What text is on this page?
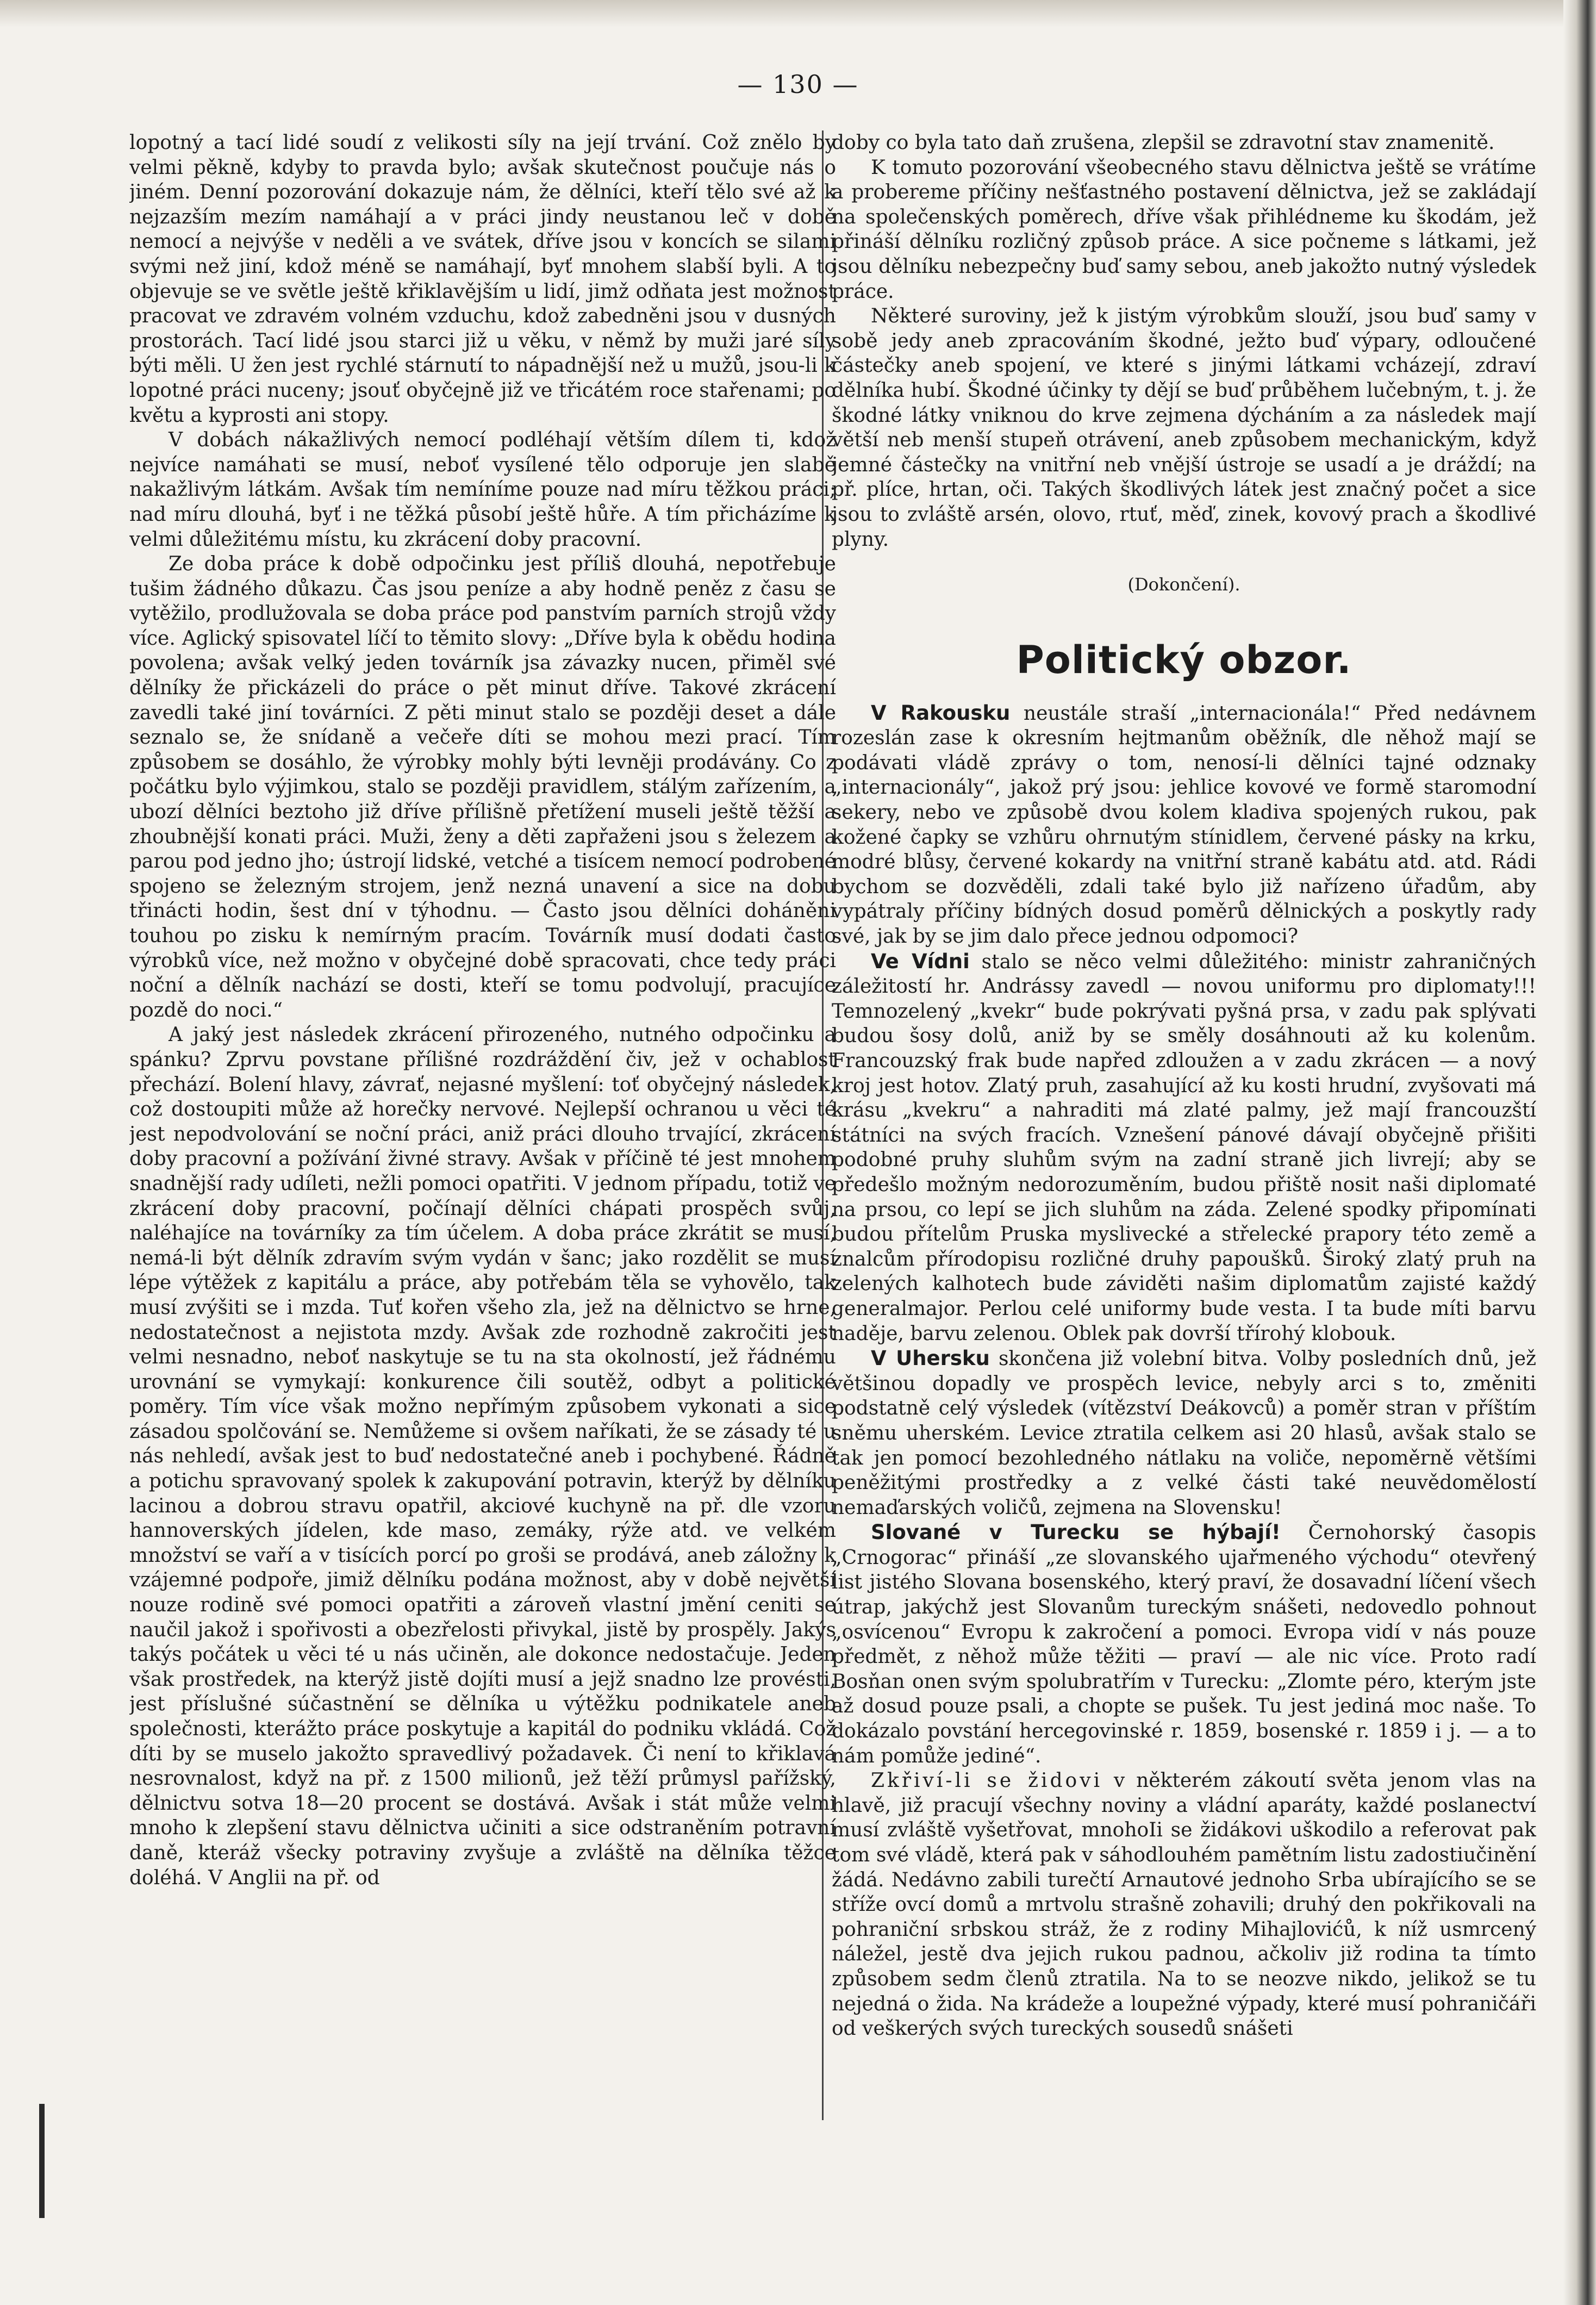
— 130 —

lopotný a tací lidé soudí z velikosti síly na její trvání. Což znělo by velmi pěkně, kdyby to pravda bylo; avšak skutečnost poučuje nás o jiném. Denní pozorování dokazuje nám, že dělníci, kteří tělo své až k nejzazším mezím namáhají a v práci jindy neustanou leč v době nemocí a nejvýše v neděli a ve svátek, dříve jsou v koncích se silami svými než jiní, kdož méně se namáhají, byť mnohem slabší byli. A to objevuje se ve světle ještě křiklavějším u lidí, jimž odňata jest možnost pracovat ve zdravém volném vzduchu, kdož zabedněni jsou v dusných prostorách. Tací lidé jsou starci již u věku, v němž by muži jaré síly býti měli. U žen jest rychlé stárnutí to nápadnější než u mužů, jsou-li k lopotné práci nuceny; jsouť obyčejně již ve třicátém roce stařenami; po květu a kyprosti ani stopy.

V dobách nákažlivých nemocí podléhají větším dílem ti, kdož nejvíce namáhati se musí, neboť vysílené tělo odporuje jen slabě nakažlivým látkám. Avšak tím nemíníme pouze nad míru těžkou práci; nad míru dlouhá, byť i ne těžká působí ještě hůře. A tím přicházíme k velmi důležitému místu, ku zkrácení doby pracovní.

Ze doba práce k době odpočinku jest příliš dlouhá, nepotřebuje tušim žádného důkazu. Čas jsou peníze a aby hodně peněz z času se vytěžilo, prodlužovala se doba práce pod panstvím parních strojů vždy více. Aglický spisovatel líčí to těmito slovy: „Dříve byla k obědu hodina povolena; avšak velký jeden továrník jsa závazky nucen, přiměl své dělníky že přickázeli do práce o pět minut dříve. Takové zkrácení zavedli také jiní továrníci. Z pěti minut stalo se později deset a dále seznalo se, že snídaně a večeře díti se mohou mezi prací. Tím způsobem se dosáhlo, že výrobky mohly býti levněji prodávány. Co z počátku bylo výjimkou, stalo se později pravidlem, stálým zařízením, a ubozí dělníci beztoho již dříve přílišně přetížení museli ještě těžší a zhoubnější konati práci. Muži, ženy a děti zapřaženi jsou s železem a parou pod jedno jho; ústrojí lidské, vetché a tisícem nemocí podrobené spojeno se železným strojem, jenž nezná unavení a sice na dobu třinácti hodin, šest dní v týhodnu. — Často jsou dělníci doháněni touhou po zisku k nemírným pracím. Továrník musí dodati často výrobků více, než možno v obyčejné době spracovati, chce tedy práci noční a dělník nachází se dosti, kteří se tomu podvolují, pracujíce pozdě do noci.“

A jaký jest následek zkrácení přirozeného, nutného odpočinku a spánku? Zprvu povstane přílišné rozdráždění čiv, jež v ochablost přechází. Bolení hlavy, závrať, nejasné myšlení: toť obyčejný následek, což dostoupiti může až horečky nervové. Nejlepší ochranou u věci té jest nepodvolování se noční práci, aniž práci dlouho trvající, zkrácení doby pracovní a požívání živné stravy. Avšak v příčině té jest mnohem snadnější rady udíleti, nežli pomoci opatřiti. V jednom případu, totiž ve zkrácení doby pracovní, počínají dělníci chápati prospěch svůj, naléhajíce na továrníky za tím účelem. A doba práce zkrátit se musí, nemá-li být dělník zdravím svým vydán v šanc; jako rozdělit se musí lépe výtěžek z kapitálu a práce, aby potřebám těla se vyhovělo, tak musí zvýšiti se i mzda. Tuť kořen všeho zla, jež na dělnictvo se hrne, nedostatečnost a nejistota mzdy. Avšak zde rozhodně zakročiti jest velmi nesnadno, neboť naskytuje se tu na sta okolností, jež řádnému urovnání se vymykají: konkurence čili soutěž, odbyt a politické poměry. Tím více však možno nepřímým způsobem vykonati a sice zásadou spolčování se. Nemůžeme si ovšem naříkati, že se zásady té u nás nehledí, avšak jest to buď nedostatečné aneb i pochybené. Řádně a potichu spravovaný spolek k zakupování potravin, kterýž by dělníku lacinou a dobrou stravu opatřil, akciové kuchyně na př. dle vzoru hannoverských jídelen, kde maso, zemáky, rýže atd. ve velkém množství se vaří a v tisících porcí po groši se prodává, aneb záložny k vzájemné podpoře, jimiž dělníku podána možnost, aby v době největší nouze rodině své pomoci opatřiti a zároveň vlastní jmění ceniti se naučil jakož i spořivosti a obezřelosti přivykal, jistě by prospěly. Jakýs takýs počátek u věci té u nás učiněn, ale dokonce nedostačuje. Jeden však prostředek, na kterýž jistě dojíti musí a jejž snadno lze provésti, jest příslušné súčastnění se dělníka u výtěžku podnikatele aneb společnosti, kterážto práce poskytuje a kapitál do podniku vkládá. Což díti by se muselo jakožto spravedlivý požadavek. Či není to křiklavá nesrovnalost, když na př. z 1500 milionů, jež těží průmysl pařížský, dělnictvu sotva 18—20 procent se dostává. Avšak i stát může velmi mnoho k zlepšení stavu dělnictva učiniti a sice odstraněním potravní daně, kteráž všecky potraviny zvyšuje a zvláště na dělníka těžce doléhá. V Anglii na př. od

doby co byla tato daň zrušena, zlepšil se zdravotní stav znamenitě.

K tomuto pozorování všeobecného stavu dělnictva ještě se vrátíme a probereme příčiny nešťastného postavení dělnictva, jež se zakládají na společenských poměrech, dříve však přihlédneme ku škodám, jež přináší dělníku rozličný způsob práce. A sice počneme s látkami, jež jsou dělníku nebezpečny buď samy sebou, aneb jakožto nutný výsledek práce.

Některé suroviny, jež k jistým výrobkům slouží, jsou buď samy v sobě jedy aneb zpracováním škodné, ježto buď výpary, odloučené částečky aneb spojení, ve které s jinými látkami vcházejí, zdraví dělníka hubí. Škodné účinky ty dějí se buď průběhem lučebným, t. j. že škodné látky vniknou do krve zejmena dýcháním a za následek mají větší neb menší stupeň otrávení, aneb způsobem mechanickým, když jemné částečky na vnitřní neb vnější ústroje se usadí a je dráždí; na př. plíce, hrtan, oči. Takých škodlivých látek jest značný počet a sice jsou to zvláště arsén, olovo, rtuť, měď, zinek, kovový prach a škodlivé plyny.

(Dokončení).

Politický obzor.

V Rakousku neustále straší „internacionála!“ Před nedávnem rozeslán zase k okresním hejtmanům oběžník, dle něhož mají se podávati vládě zprávy o tom, nenosí-li dělníci tajné odznaky „internacionály“, jakož prý jsou: jehlice kovové ve formě staromodní sekery, nebo ve způsobě dvou kolem kladiva spojených rukou, pak kožené čapky se vzhůru ohrnutým stínidlem, červené pásky na krku, modré blůsy, červené kokardy na vnitřní straně kabátu atd. atd. Rádi bychom se dozvěděli, zdali také bylo již nařízeno úřadům, aby vypátraly příčiny bídných dosud poměrů dělnických a poskytly rady své, jak by se jim dalo přece jednou odpomoci?

Ve Vídni stalo se něco velmi důležitého: ministr zahraničných záležitostí hr. Andrássy zavedl — novou uniformu pro diplomaty!!! Temnozelený „kvekr“ bude pokrývati pyšná prsa, v zadu pak splývati budou šosy dolů, aniž by se směly dosáhnouti až ku kolenům. Francouzský frak bude napřed zdloužen a v zadu zkrácen — a nový kroj jest hotov. Zlatý pruh, zasahující až ku kosti hrudní, zvyšovati má krásu „kvekru“ a nahraditi má zlaté palmy, jež mají francouzští státníci na svých fracích. Vznešení pánové dávají obyčejně přišiti podobné pruhy sluhům svým na zadní straně jich livrejí; aby se předešlo možným nedorozuměním, budou přiště nosit naši diplomaté na prsou, co lepí se jich sluhům na záda. Zelené spodky připomínati budou přítelům Pruska myslivecké a střelecké prapory této země a znalcům přírodopisu rozličné druhy papoušků. Široký zlatý pruh na zelených kalhotech bude záviděti našim diplomatům zajisté každý generalmajor. Perlou celé uniformy bude vesta. I ta bude míti barvu naděje, barvu zelenou. Oblek pak dovrší třírohý klobouk.

V Uhersku skončena již volební bitva. Volby posledních dnů, jež většinou dopadly ve prospěch levice, nebyly arci s to, změniti podstatně celý výsledek (vítězství Deákovců) a poměr stran v příštím sněmu uherském. Levice ztratila celkem asi 20 hlasů, avšak stalo se tak jen pomocí bezohledného nátlaku na voliče, nepoměrně většími peněžitými prostředky a z velké části také neuvědomělostí nemaďarských voličů, zejmena na Slovensku!

Slované v Turecku se hýbají! Černohorský časopis „Crnogorac“ přináší „ze slovanského ujařmeného východu“ otevřený list jistého Slovana bosenského, který praví, že dosavadní líčení všech útrap, jakýchž jest Slovanům tureckým snášeti, nedovedlo pohnout „osvícenou“ Evropu k zakročení a pomoci. Evropa vidí v nás pouze předmět, z něhož může těžiti — praví — ale nic více. Proto radí Bosňan onen svým spolubratřím v Turecku: „Zlomte péro, kterým jste až dosud pouze psali, a chopte se pušek. Tu jest jediná moc naše. To dokázalo povstání hercegovinské r. 1859, bosenské r. 1859 i j. — a to nám pomůže jediné“.

Zkřiví-li se židovi v některém zákoutí světa jenom vlas na hlavě, již pracují všechny noviny a vládní aparáty, každé poslanectví musí zvláště vyšetřovat, mnohoIi se židákovi uškodilo a referovat pak tom své vládě, která pak v sáhodlouhém pamětním listu zadostiučinění žádá. Nedávno zabili turečtí Arnautové jednoho Srba ubírajícího se se stříže ovcí domů a mrtvolu strašně zohavili; druhý den pokřikovali na pohraniční srbskou stráž, že z rodiny Mihajlovićů, k níž usmrcený náležel, jestě dva jejich rukou padnou, ačkoliv již rodina ta tímto způsobem sedm členů ztratila. Na to se neozve nikdo, jelikož se tu nejedná o žida. Na krádeže a loupežné výpady, které musí pohraničáři od veškerých svých tureckých sousedů snášeti
